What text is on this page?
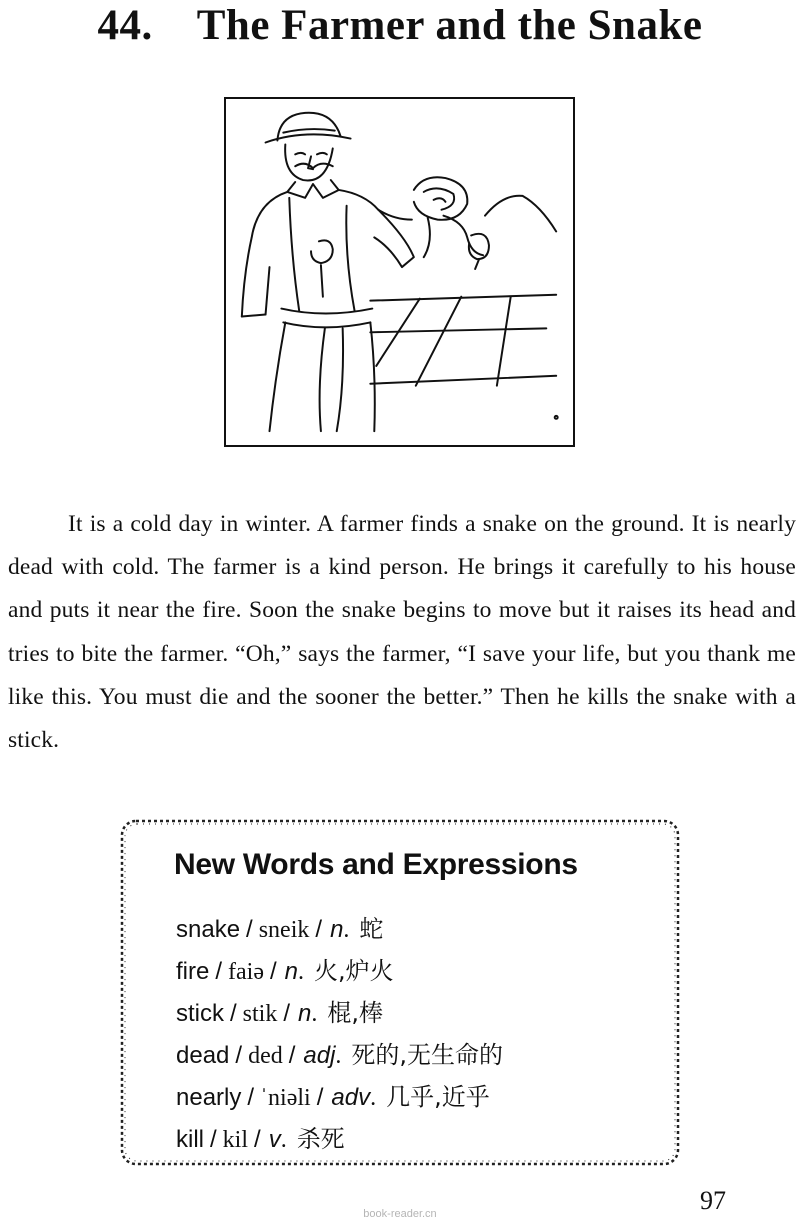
44. The Farmer and the Snake

It is a cold day in winter. A farmer finds a snake on the ground. It is nearly dead with cold. The farmer is a kind person. He brings it carefully to his house and puts it near the fire. Soon the snake begins to move but it raises its head and tries to bite the farmer. “Oh,” says the farmer, “I save your life, but you thank me like this. You must die and the sooner the better.” Then he kills the snake with a stick.

New Words and Expressions
snake / sneik / n. 蛇
fire / faiə / n. 火,炉火
stick / stik / n. 棍,棒
dead / ded / adj. 死的,无生命的
nearly / ˈniəli / adv. 几乎,近乎
kill / kil / v. 杀死
97
book-reader.cn
